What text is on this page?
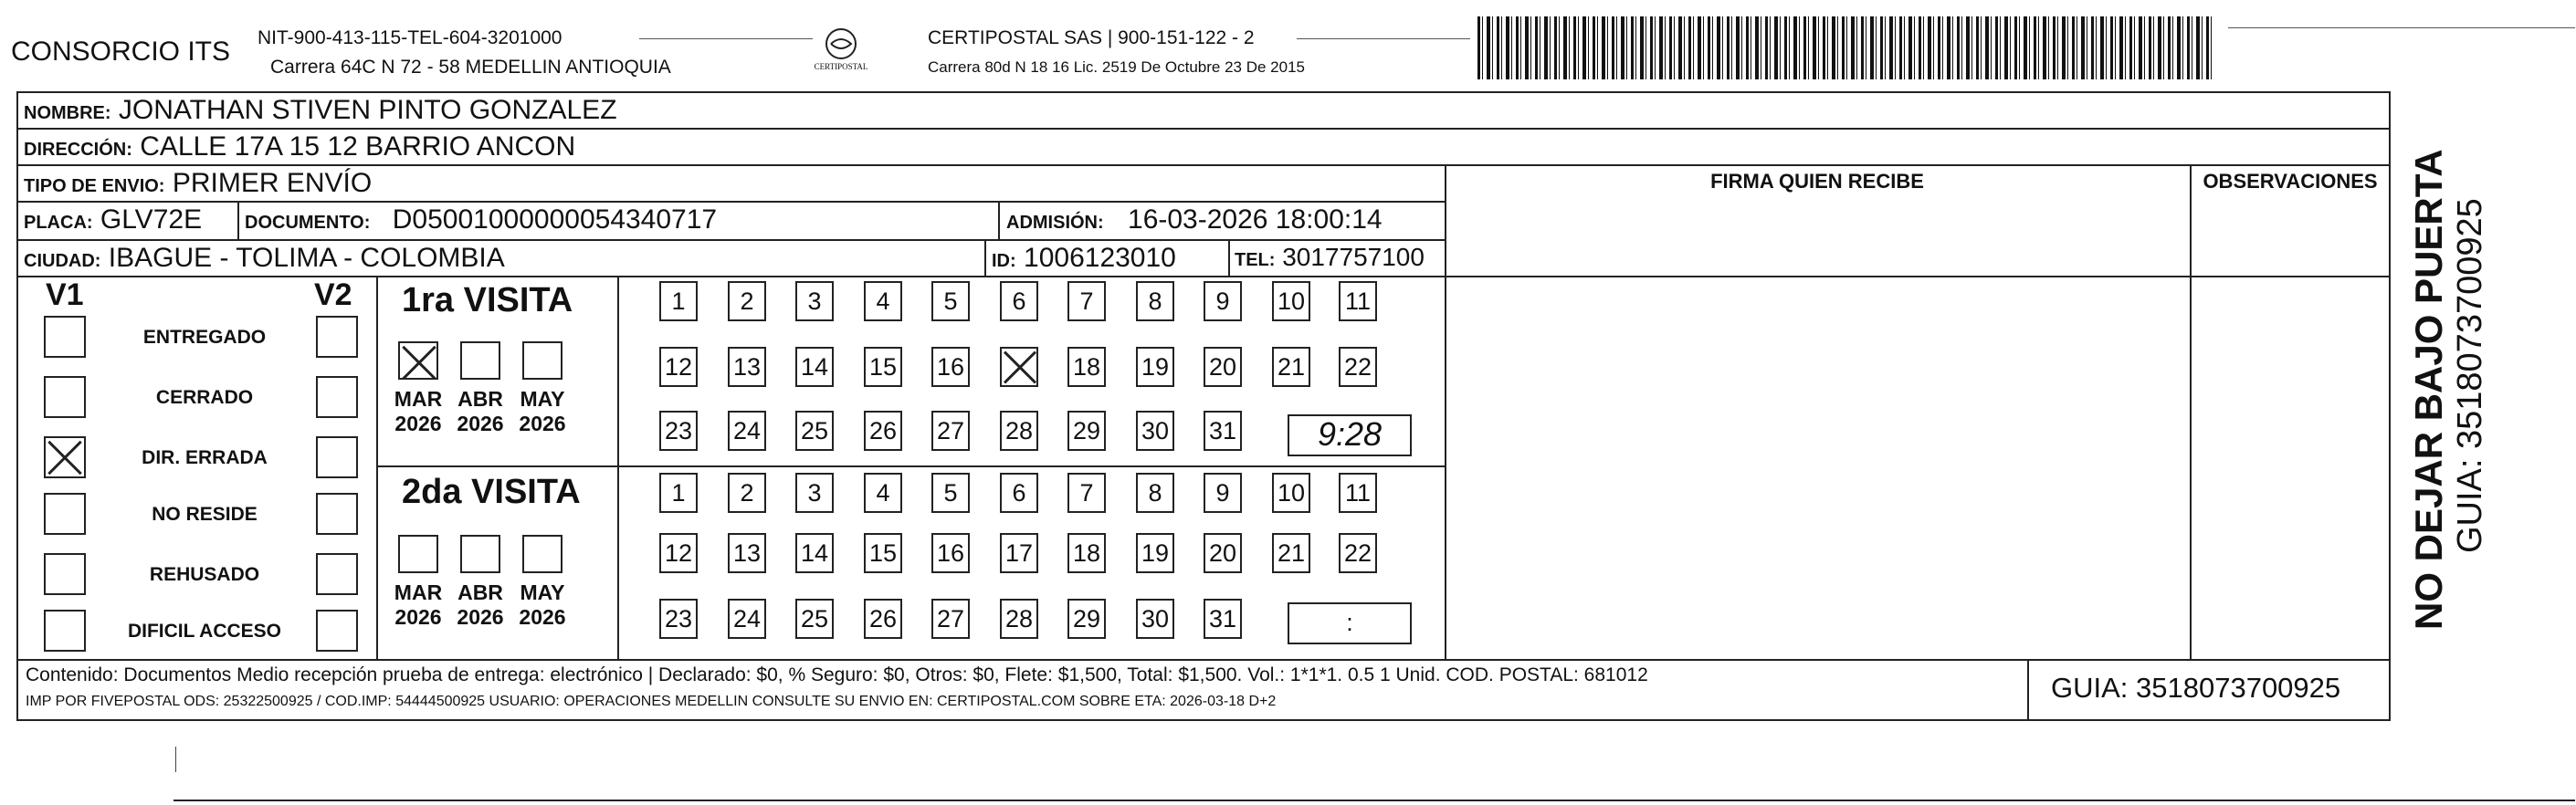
CONSORCIO ITS NIT-900-413-115-TEL-604-3201000
Carrera 64C N 72 - 58 MEDELLIN ANTIOQUIA	CERTIPOSTAL
CERTIPOSTAL SAS | 900-151-122 - 2
Carrera 80d N 18 16 Lic. 2519 De Octubre 23 De 2015
NOMBRE: JONATHAN STIVEN PINTO GONZALEZ
DIRECCIÓN: CALLE 17A 15 12 BARRIO ANCON
TIPO DE ENVIO: PRIMER ENVÍO
PLACA: GLV72E DOCUMENTO: D05001000000054340717	ADMISIÓN: 16-03-2026 18:00:14
CIUDAD: IBAGUE - TOLIMA - COLOMBIA	ID: 1006123010	TEL: 3017757100
FIRMA QUIEN RECIBE	OBSERVACIONES
V1	V2
ENTREGADO
CERRADO
DIR. ERRADA
NO RESIDE
REHUSADO
DIFICIL ACCESO
1ra VISITA
2da VISITA
MAR
2026
ABR
2026
MAY
2026
MAR
2026
ABR
2026
MAY
2026
1	2	3	4	5	6	7	8	9	10 11
12 13 14 15 16	18 19 20 21 22
23 24 25 26 27 28 29 30 31	9:28
1	2	3	4	5	6	7	8	9	10 11
12 13 14 15 16 17 18 19 20 21 22
23 24 25 26 27 28 29 30 31	:
Contenido: Documentos Medio recepción prueba de entrega: electrónico | Declarado: $0, % Seguro: $0, Otros: $0, Flete: $1,500, Total: $1,500. Vol.: 1*1*1. 0.5 1 Unid. COD. POSTAL: 681012
IMP POR FIVEPOSTAL ODS: 25322500925 / COD.IMP: 54444500925 USUARIO: OPERACIONES MEDELLIN CONSULTE SU ENVIO EN: CERTIPOSTAL.COM SOBRE ETA: 2026-03-18 D+2	GUIA: 3518073700925
NO DEJAR BAJO PUERTA GUIA: 3518073700925
